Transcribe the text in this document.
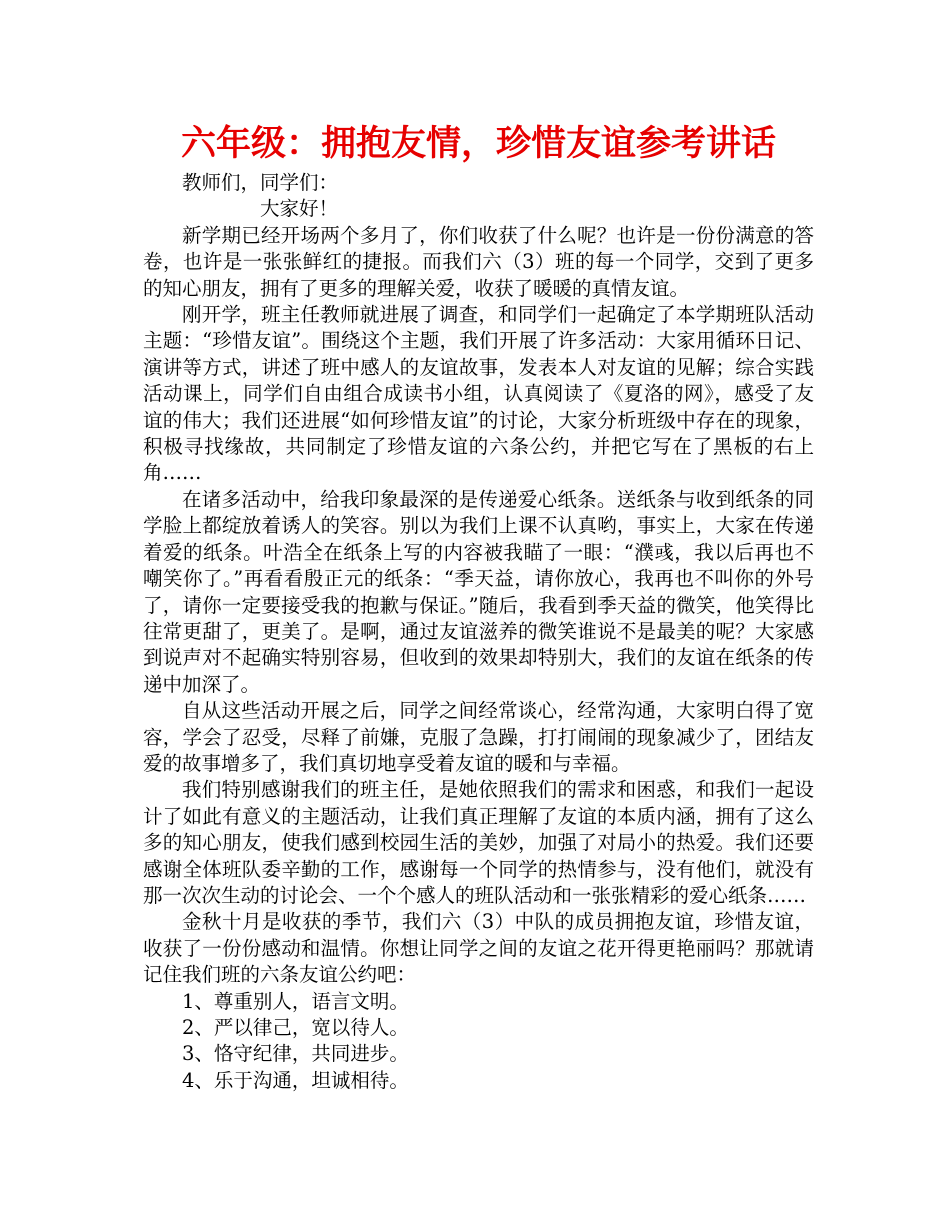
六年级：拥抱友情，珍惜友谊参考讲话
教师们，同学们：
大家好！

新学期已经开场两个多月了，你们收获了什么呢？也许是一份份满意的答卷，也许是一张张鲜红的捷报。而我们六（3）班的每一个同学，交到了更多的知心朋友，拥有了更多的理解关爱，收获了暖暖的真情友谊。

刚开学，班主任教师就进展了调查，和同学们一起确定了本学期班队活动主题：“珍惜友谊”。围绕这个主题，我们开展了许多活动：大家用循环日记、演讲等方式，讲述了班中感人的友谊故事，发表本人对友谊的见解；综合实践活动课上，同学们自由组合成读书小组，认真阅读了《夏洛的网》，感受了友谊的伟大；我们还进展“如何珍惜友谊”的讨论，大家分析班级中存在的现象，积极寻找缘故，共同制定了珍惜友谊的六条公约，并把它写在了黑板的右上角……

在诸多活动中，给我印象最深的是传递爱心纸条。送纸条与收到纸条的同学脸上都绽放着诱人的笑容。别以为我们上课不认真哟，事实上，大家在传递着爱的纸条。叶浩全在纸条上写的内容被我瞄了一眼：“濮彧，我以后再也不嘲笑你了。”再看看殷正元的纸条：“季天益，请你放心，我再也不叫你的外号了，请你一定要接受我的抱歉与保证。”随后，我看到季天益的微笑，他笑得比往常更甜了，更美了。是啊，通过友谊滋养的微笑谁说不是最美的呢？大家感到说声对不起确实特别容易，但收到的效果却特别大，我们的友谊在纸条的传递中加深了。

自从这些活动开展之后，同学之间经常谈心，经常沟通，大家明白得了宽容，学会了忍受，尽释了前嫌，克服了急躁，打打闹闹的现象减少了，团结友爱的故事增多了，我们真切地享受着友谊的暖和与幸福。

我们特别感谢我们的班主任，是她依照我们的需求和困惑，和我们一起设计了如此有意义的主题活动，让我们真正理解了友谊的本质内涵，拥有了这么多的知心朋友，使我们感到校园生活的美妙，加强了对局小的热爱。我们还要感谢全体班队委辛勤的工作，感谢每一个同学的热情参与，没有他们，就没有那一次次生动的讨论会、一个个感人的班队活动和一张张精彩的爱心纸条……

金秋十月是收获的季节，我们六（3）中队的成员拥抱友谊，珍惜友谊，收获了一份份感动和温情。你想让同学之间的友谊之花开得更艳丽吗？那就请记住我们班的六条友谊公约吧：

1、尊重别人，语言文明。

2、严以律己，宽以待人。

3、恪守纪律，共同进步。

4、乐于沟通，坦诚相待。
